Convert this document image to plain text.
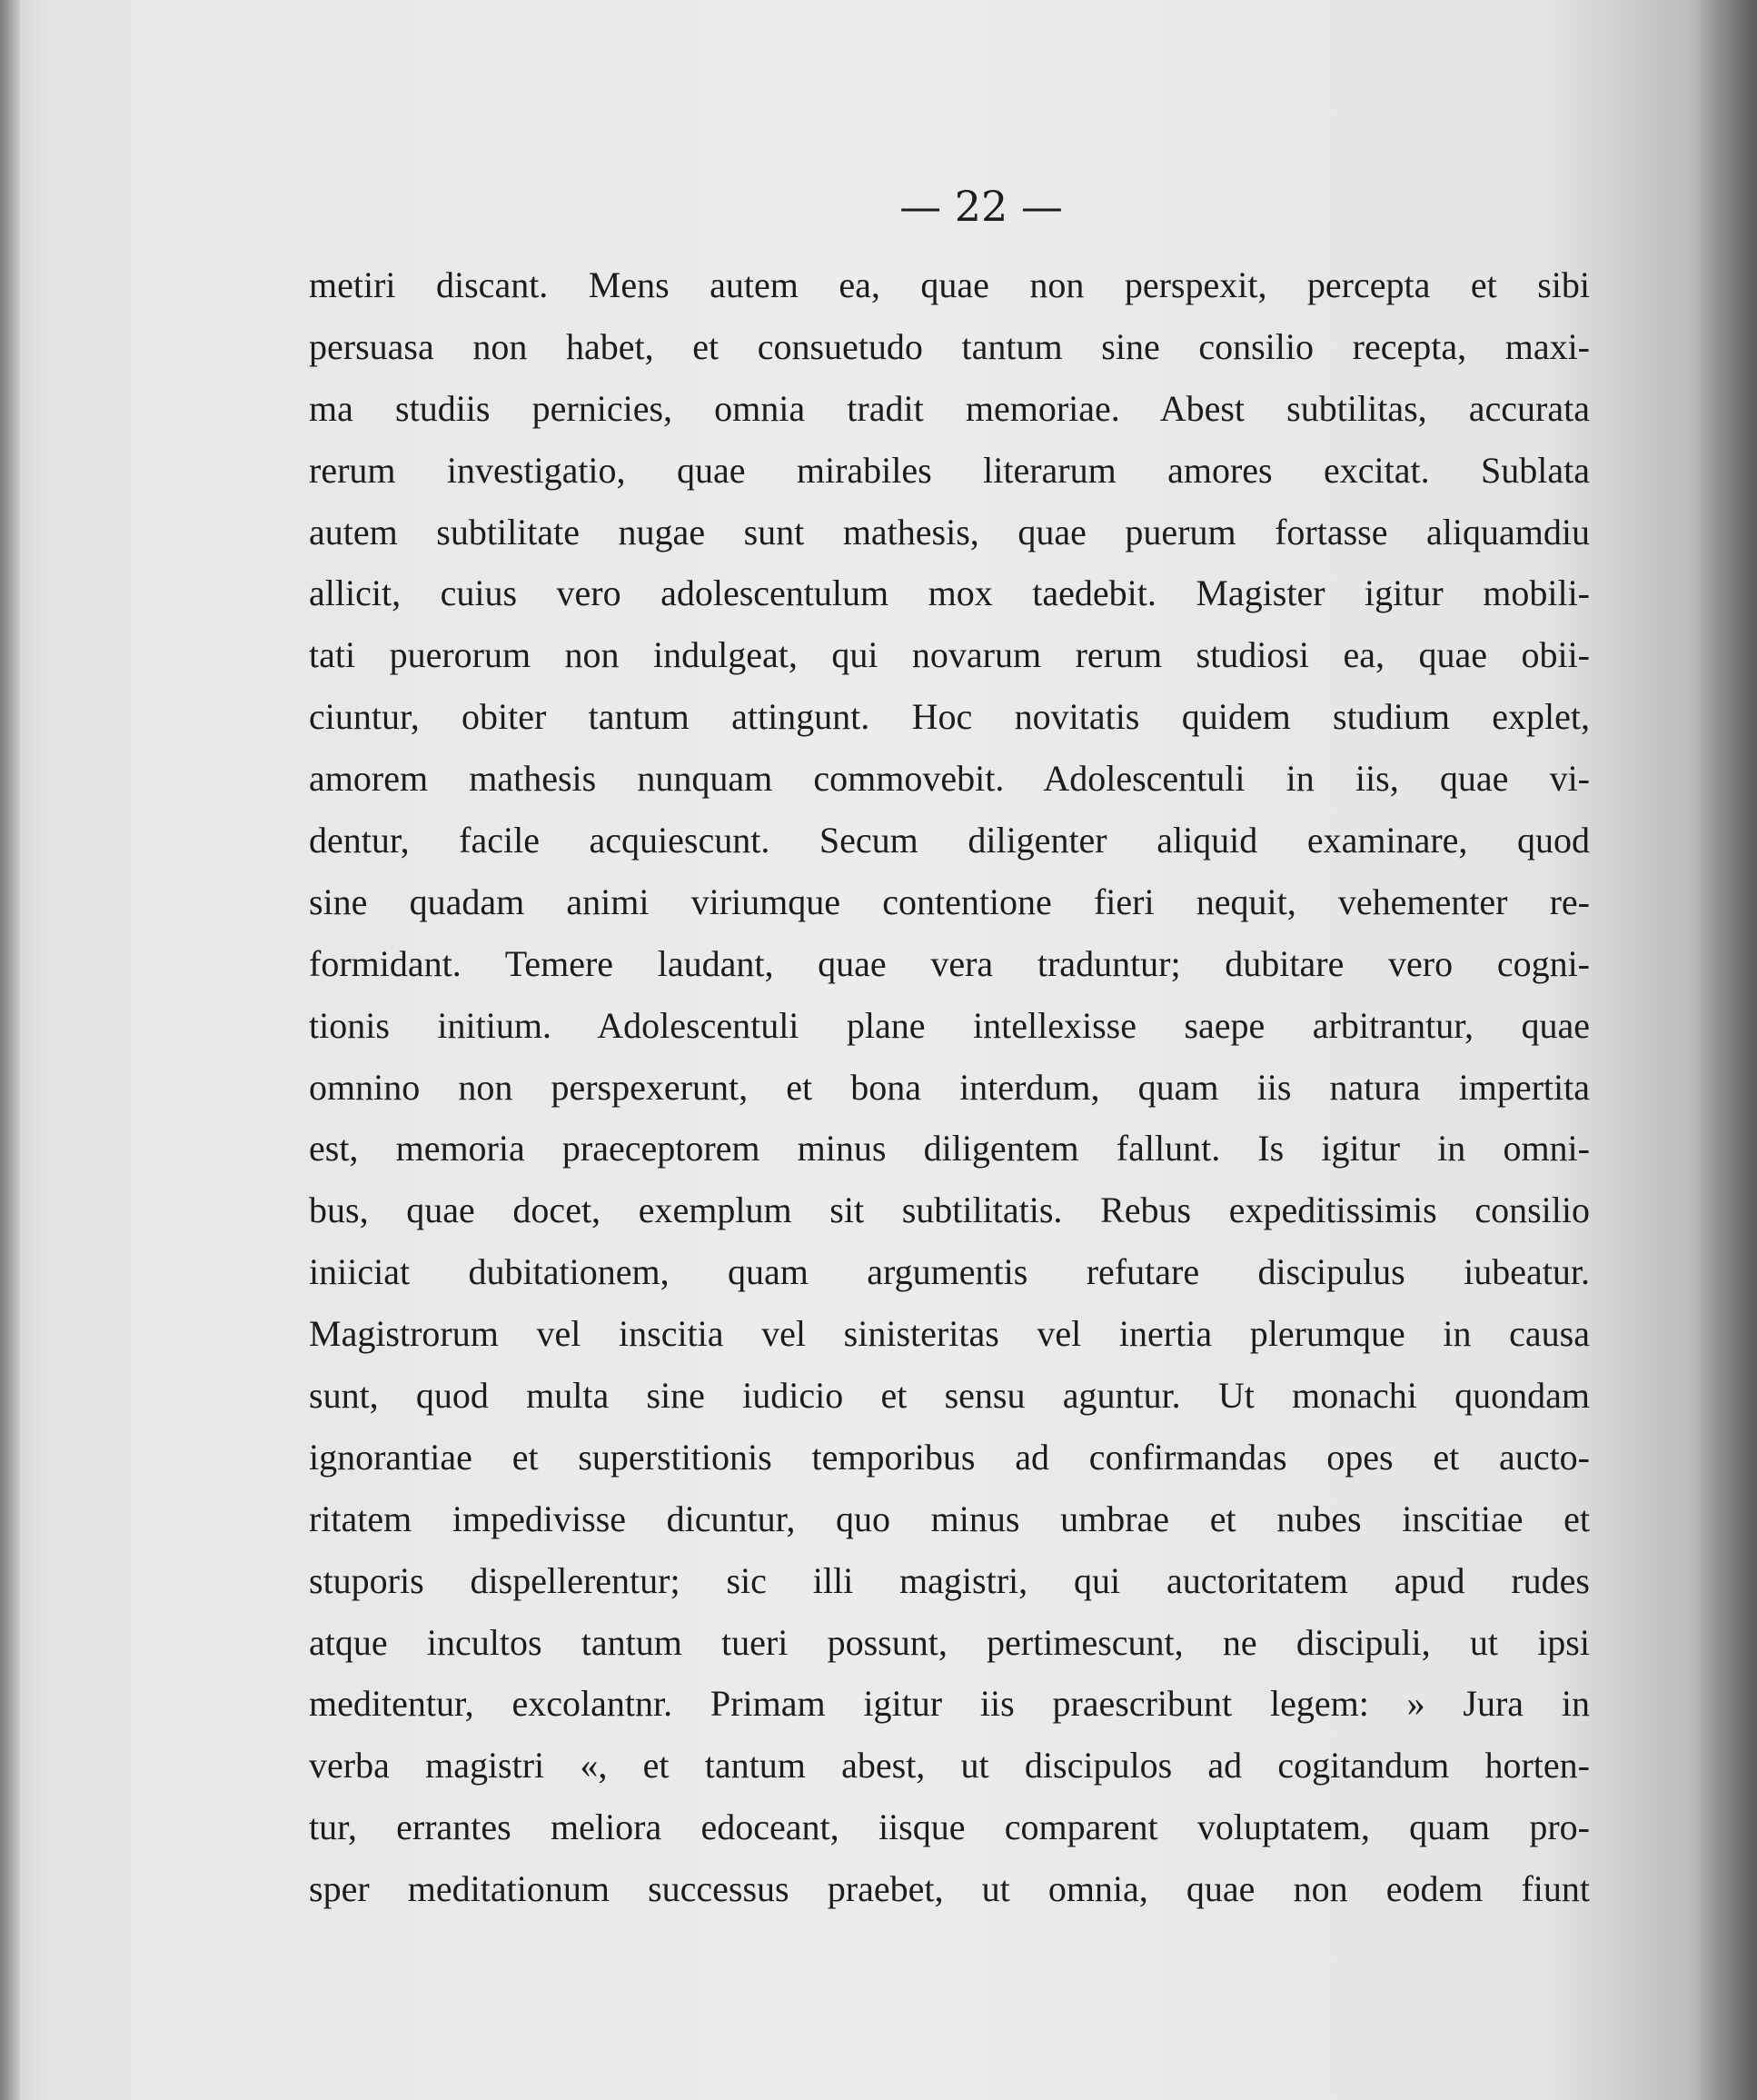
— 22 —
metiri discant. Mens autem ea, quae non perspexit, percepta et sibi
persuasa non habet, et consuetudo tantum sine consilio recepta, maxi-
ma studiis pernicies, omnia tradit memoriae. Abest subtilitas, accurata
rerum investigatio, quae mirabiles literarum amores excitat. Sublata
autem subtilitate nugae sunt mathesis, quae puerum fortasse aliquamdiu
allicit, cuius vero adolescentulum mox taedebit. Magister igitur mobili-
tati puerorum non indulgeat, qui novarum rerum studiosi ea, quae obii-
ciuntur, obiter tantum attingunt. Hoc novitatis quidem studium explet,
amorem mathesis nunquam commovebit. Adolescentuli in iis, quae vi-
dentur, facile acquiescunt. Secum diligenter aliquid examinare, quod
sine quadam animi viriumque contentione fieri nequit, vehementer re-
formidant. Temere laudant, quae vera traduntur; dubitare vero cogni-
tionis initium. Adolescentuli plane intellexisse saepe arbitrantur, quae
omnino non perspexerunt, et bona interdum, quam iis natura impertita
est, memoria praeceptorem minus diligentem fallunt. Is igitur in omni-
bus, quae docet, exemplum sit subtilitatis. Rebus expeditissimis consilio
iniiciat dubitationem, quam argumentis refutare discipulus iubeatur.
Magistrorum vel inscitia vel sinisteritas vel inertia plerumque in causa
sunt, quod multa sine iudicio et sensu aguntur. Ut monachi quondam
ignorantiae et superstitionis temporibus ad confirmandas opes et aucto-
ritatem impedivisse dicuntur, quo minus umbrae et nubes inscitiae et
stuporis dispellerentur; sic illi magistri, qui auctoritatem apud rudes
atque incultos tantum tueri possunt, pertimescunt, ne discipuli, ut ipsi
meditentur, excolantnr. Primam igitur iis praescribunt legem: » Jura in
verba magistri «, et tantum abest, ut discipulos ad cogitandum horten-
tur, errantes meliora edoceant, iisque comparent voluptatem, quam pro-
sper meditationum successus praebet, ut omnia, quae non eodem fiunt
